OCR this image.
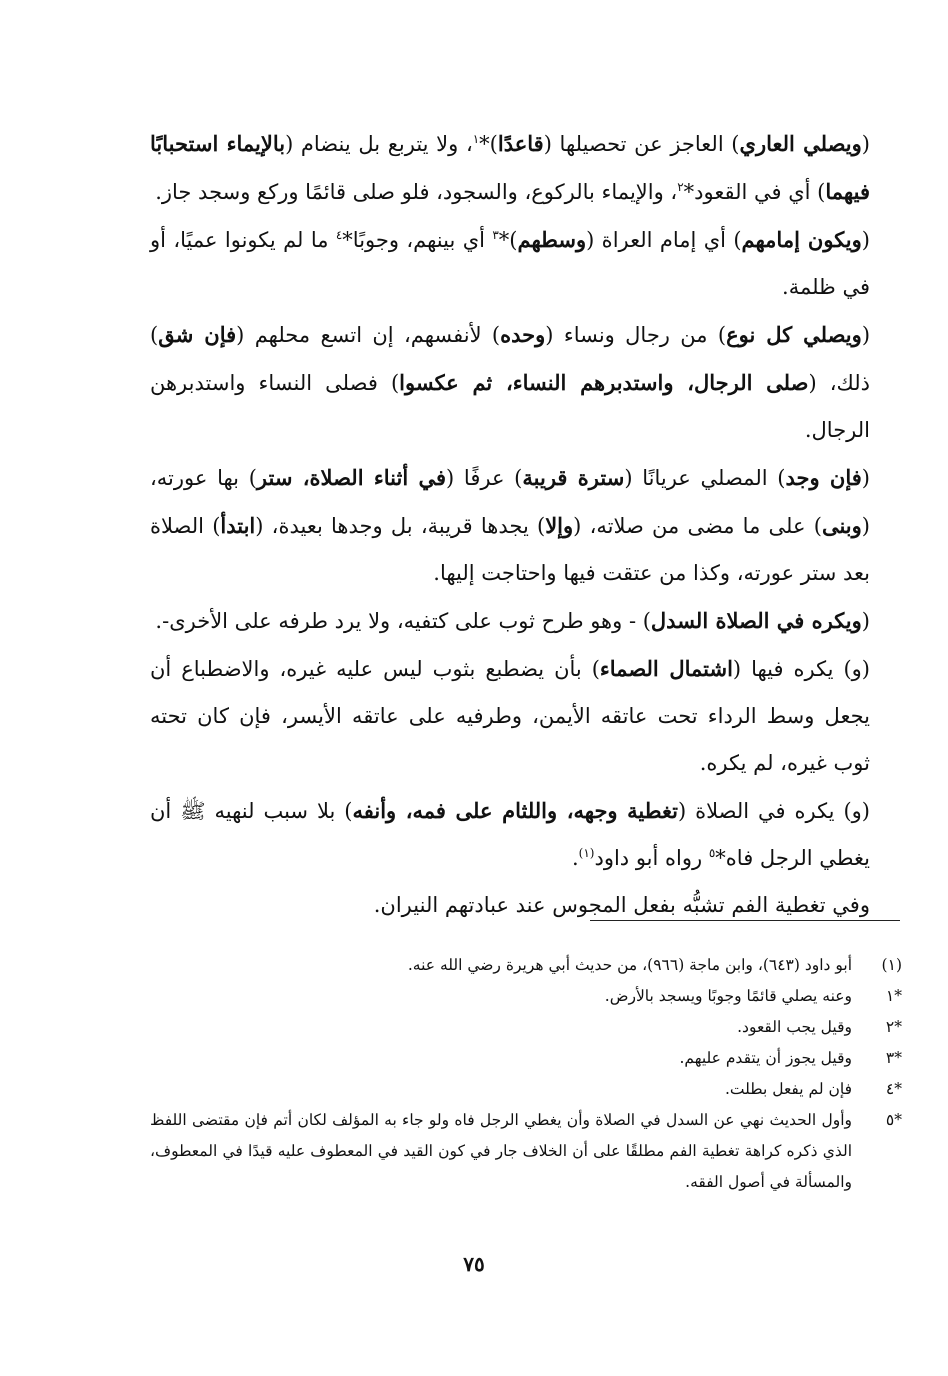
(ويصلي العاري) العاجز عن تحصيلها (قاعدًا)*$^١$، ولا يتربع بل ينضام (بالإيماء استحبابًا فيهما) أي في القعود*$^٢$، والإيماء بالركوع، والسجود، فلو صلى قائمًا وركع وسجد جاز.

(ويكون إمامهم) أي إمام العراة (وسطهم)*$^٣$ أي بينهم، وجوبًا*$^٤$ ما لم يكونوا عميًا، أو في ظلمة.

(ويصلي كل نوع) من رجال ونساء (وحده) لأنفسهم، إن اتسع محلهم (فإن شق) ذلك، (صلى الرجال، واستدبرهم النساء، ثم عكسوا) فصلى النساء واستدبرهن الرجال.

(فإن وجد) المصلي عريانًا (سترة قريبة) عرفًا (في أثناء الصلاة، ستر) بها عورته، (وبنى) على ما مضى من صلاته، (وإلا) يجدها قريبة، بل وجدها بعيدة، (ابتدأ) الصلاة بعد ستر عورته، وكذا من عتقت فيها واحتاجت إليها.

(ويكره في الصلاة السدل) - وهو طرح ثوب على كتفيه، ولا يرد طرفه على الأخرى-.

(و) يكره فيها (اشتمال الصماء) بأن يضطبع بثوب ليس عليه غيره، والاضطباع أن يجعل وسط الرداء تحت عاتقه الأيمن، وطرفيه على عاتقه الأيسر، فإن كان تحته ثوب غيره، لم يكره.

(و) يكره في الصلاة (تغطية وجهه، واللثام على فمه، وأنفه) بلا سبب لنهيه ﷺ أن يغطي الرجل فاه*$^٥$ رواه أبو داود$^{(١)}$.

وفي تغطية الفم تشبُّه بفعل المجوس عند عبادتهم النيران.

(١)
أبو داود (٦٤٣)، وابن ماجة (٩٦٦)، من حديث أبي هريرة رضي الله عنه.
*١
وعنه يصلي قائمًا وجوبًا ويسجد بالأرض.
*٢
وقيل يجب القعود.
*٣
وقيل يجوز أن يتقدم عليهم.
*٤
فإن لم يفعل بطلت.
*٥
وأول الحديث نهي عن السدل في الصلاة وأن يغطي الرجل فاه ولو جاء به المؤلف لكان أتم فإن مقتضى اللفظ الذي ذكره كراهة تغطية الفم مطلقًا على أن الخلاف جار في كون القيد في المعطوف عليه قيدًا في المعطوف، والمسألة في أصول الفقه.
٧٥
